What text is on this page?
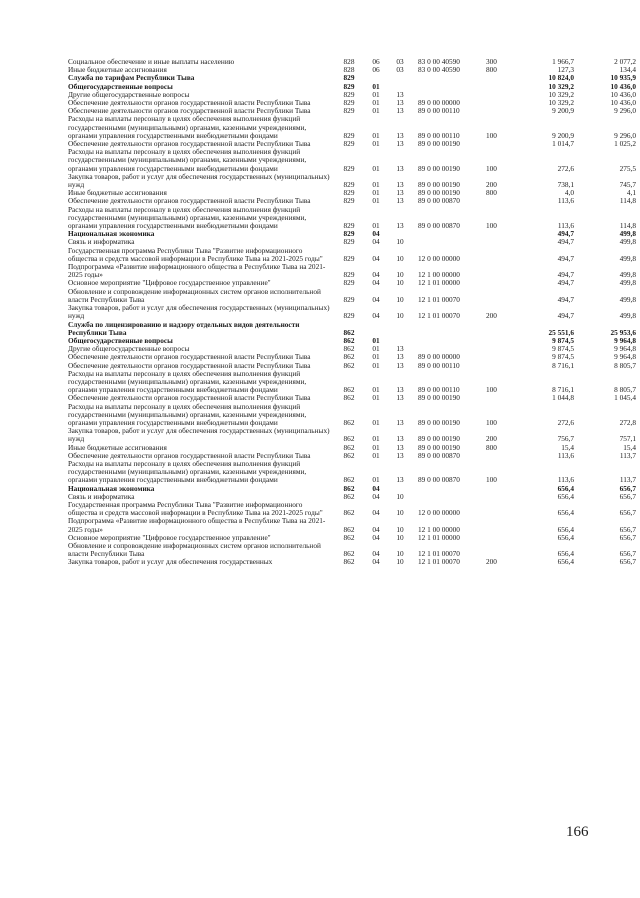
Социальное обеспечение и иные выплаты населению	828	06	03	83 0 00 40590	300	1 966,7	2 077,2
Иные бюджетные ассигнования	828	06	03	83 0 00 40590	800	127,3	134,4
Служба по тарифам Республики Тыва	829					10 824,0	10 935,9
Общегосударственные вопросы	829	01				10 329,2	10 436,0
Другие общегосударственные вопросы	829	01	13			10 329,2	10 436,0
Обеспечение деятельности органов государственной власти Республики Тыва	829	01	13	89 0 00 00000		10 329,2	10 436,0
Обеспечение деятельности органов государственной власти Республики Тыва	829	01	13	89 0 00 00110		9 200,9	9 296,0
Расходы на выплаты персоналу в целях обеспечения выполнения функций государственными (муниципальными) органами, казенными учреждениями, органами управления государственными внебюджетными фондами	829	01	13	89 0 00 00110	100	9 200,9	9 296,0
Обеспечение деятельности органов государственной власти Республики Тыва	829	01	13	89 0 00 00190		1 014,7	1 025,2
Расходы на выплаты персоналу в целях обеспечения выполнения функций государственными (муниципальными) органами, казенными учреждениями, органами управления государственными внебюджетными фондами	829	01	13	89 0 00 00190	100	272,6	275,5
Закупка товаров, работ и услуг для обеспечения государственных (муниципальных) нужд	829	01	13	89 0 00 00190	200	738,1	745,7
Иные бюджетные ассигнования	829	01	13	89 0 00 00190	800	4,0	4,1
Обеспечение деятельности органов государственной власти Республики Тыва	829	01	13	89 0 00 00870		113,6	114,8
Расходы на выплаты персоналу в целях обеспечения выполнения функций государственными (муниципальными) органами, казенными учреждениями, органами управления государственными внебюджетными фондами	829	01	13	89 0 00 00870	100	113,6	114,8
Национальная экономика	829	04				494,7	499,8
Связь и информатика	829	04	10			494,7	499,8
Государственная программа Республики Тыва "Развитие информационного общества и средств массовой информации в Республике Тыва на 2021-2025 годы"	829	04	10	12 0 00 00000		494,7	499,8
Подпрограмма «Развитие информационного общества в Республике Тыва на 2021-2025 годы»	829	04	10	12 1 00 00000		494,7	499,8
Основное мероприятие "Цифровое государственное управление"	829	04	10	12 1 01 00000		494,7	499,8
Обновление и сопровождение информационных систем органов исполнительной власти Республики Тыва	829	04	10	12 1 01 00070		494,7	499,8
Закупка товаров, работ и услуг для обеспечения государственных (муниципальных) нужд	829	04	10	12 1 01 00070	200	494,7	499,8
Служба по лицензированию и надзору отдельных видов деятельности Республики Тыва	862					25 551,6	25 953,6
Общегосударственные вопросы	862	01				9 874,5	9 964,8
Другие общегосударственные вопросы	862	01	13			9 874,5	9 964,8
Обеспечение деятельности органов государственной власти Республики Тыва	862	01	13	89 0 00 00000		9 874,5	9 964,8
Обеспечение деятельности органов государственной власти Республики Тыва	862	01	13	89 0 00 00110		8 716,1	8 805,7
Расходы на выплаты персоналу в целях обеспечения выполнения функций государственными (муниципальными) органами, казенными учреждениями, органами управления государственными внебюджетными фондами	862	01	13	89 0 00 00110	100	8 716,1	8 805,7
Обеспечение деятельности органов государственной власти Республики Тыва	862	01	13	89 0 00 00190		1 044,8	1 045,4
Расходы на выплаты персоналу в целях обеспечения выполнения функций государственными (муниципальными) органами, казенными учреждениями, органами управления государственными внебюджетными фондами	862	01	13	89 0 00 00190	100	272,6	272,8
Закупка товаров, работ и услуг для обеспечения государственных (муниципальных) нужд	862	01	13	89 0 00 00190	200	756,7	757,1
Иные бюджетные ассигнования	862	01	13	89 0 00 00190	800	15,4	15,4
Обеспечение деятельности органов государственной власти Республики Тыва	862	01	13	89 0 00 00870		113,6	113,7
Расходы на выплаты персоналу в целях обеспечения выполнения функций государственными (муниципальными) органами, казенными учреждениями, органами управления государственными внебюджетными фондами	862	01	13	89 0 00 00870	100	113,6	113,7
Национальная экономика	862	04				656,4	656,7
Связь и информатика	862	04	10			656,4	656,7
Государственная программа Республики Тыва "Развитие информационного общества и средств массовой информации в Республике Тыва на 2021-2025 годы"	862	04	10	12 0 00 00000		656,4	656,7
Подпрограмма «Развитие информационного общества в Республике Тыва на 2021-2025 годы»	862	04	10	12 1 00 00000		656,4	656,7
Основное мероприятие "Цифровое государственное управление"	862	04	10	12 1 01 00000		656,4	656,7
Обновление и сопровождение информационных систем органов исполнительной власти Республики Тыва	862	04	10	12 1 01 00070		656,4	656,7
Закупка товаров, работ и услуг для обеспечения государственных	862	04	10	12 1 01 00070	200	656,4	656,7
166
